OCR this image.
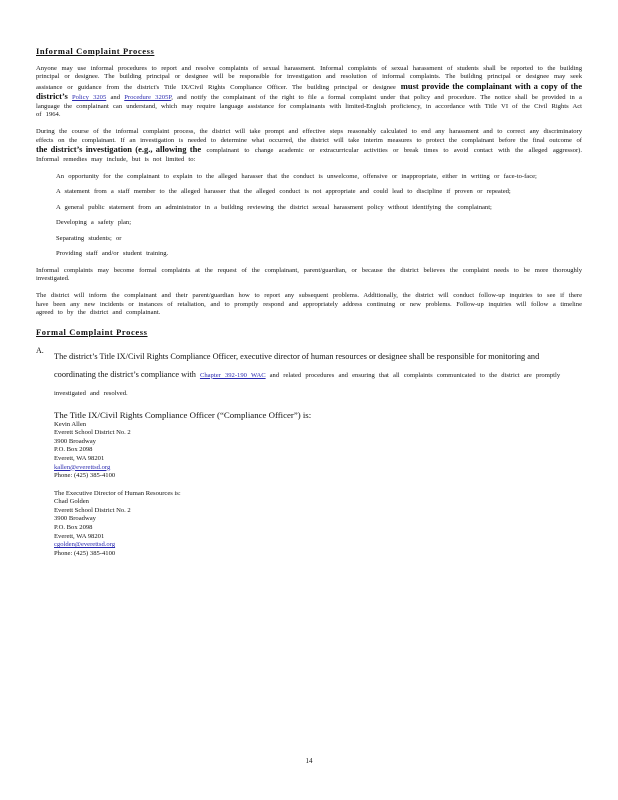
Informal Complaint Process
Anyone may use informal procedures to report and resolve complaints of sexual harassment. Informal complaints of sexual harassment of students shall be reported to the building principal or designee. The building principal or designee will be responsible for investigation and resolution of informal complaints. The building principal or designee may seek assistance or guidance from the district's Title IX/Civil Rights Compliance Officer. The building principal or designee must provide the complainant with a copy of the district’s Policy 3205 and Procedure 3205P, and notify the complainant of the right to file a formal complaint under that policy and procedure. The notice shall be provided in a language the complainant can understand, which may require language assistance for complainants with limited-English proficiency, in accordance with Title VI of the Civil Rights Act of 1964.
During the course of the informal complaint process, the district will take prompt and effective steps reasonably calculated to end any harassment and to correct any discriminatory effects on the complainant. If an investigation is needed to determine what occurred, the district will take interim measures to protect the complainant before the final outcome of the district’s investigation (e.g., allowing the complainant to change academic or extracurricular activities or break times to avoid contact with the alleged aggressor). Informal remedies may include, but is not limited to:
An opportunity for the complainant to explain to the alleged harasser that the conduct is unwelcome, offensive or inappropriate, either in writing or face-to-face;
A statement from a staff member to the alleged harasser that the alleged conduct is not appropriate and could lead to discipline if proven or repeated;
A general public statement from an administrator in a building reviewing the district sexual harassment policy without identifying the complainant;
Developing a safety plan;
Separating students; or
Providing staff and/or student training.
Informal complaints may become formal complaints at the request of the complainant, parent/guardian, or because the district believes the complaint needs to be more thoroughly investigated.
The district will inform the complainant and their parent/guardian how to report any subsequent problems. Additionally, the district will conduct follow-up inquiries to see if there have been any new incidents or instances of retaliation, and to promptly respond and appropriately address continuing or new problems. Follow-up inquiries will follow a timeline agreed to by the district and complainant.
Formal Complaint Process
A.
The district’s Title IX/Civil Rights Compliance Officer, executive director of human resources or designee shall be responsible for monitoring and coordinating the district’s compliance with Chapter 392-190 WAC and related procedures and ensuring that all complaints communicated to the district are promptly investigated and resolved.
The Title IX/Civil Rights Compliance Officer (“Compliance Officer”) is:
Kevin Allen
Everett School District No. 2
3900 Broadway
P.O. Box 2098
Everett, WA 98201
kallen@everettsd.org
Phone: (425) 385-4100
The Executive Director of Human Resources is:
Chad Golden
Everett School District No. 2
3900 Broadway
P.O. Box 2098
Everett, WA 98201
cgolden@everettsd.org
Phone: (425) 385-4100
14
